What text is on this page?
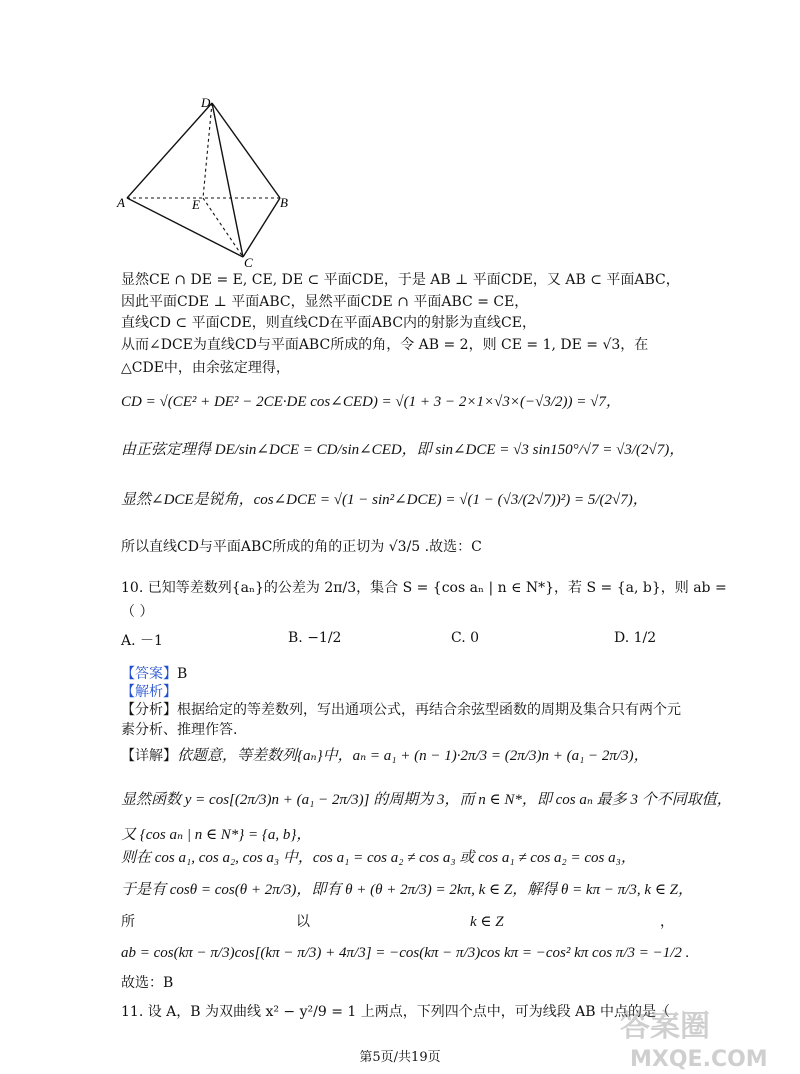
D
A	E	B
C
显然CE ∩ DE = E, CE, DE ⊂ 平面CDE，于是 AB ⊥ 平面CDE，又 AB ⊂ 平面ABC，
因此平面CDE ⊥ 平面ABC，显然平面CDE ∩ 平面ABC = CE，
直线CD ⊂ 平面CDE，则直线CD在平面ABC内的射影为直线CE，
从而∠DCE为直线CD与平面ABC所成的角，令 AB = 2，则 CE = 1, DE = √3，在
△CDE中，由余弦定理得，
CD = √(CE² + DE² − 2CE·DE cos∠CED) = √(1 + 3 − 2×1×√3×(−√3/2)) = √7，
由正弦定理得 DE/sin∠DCE = CD/sin∠CED，即 sin∠DCE = √3 sin150°/√7 = √3/(2√7)，
显然∠DCE是锐角，cos∠DCE = √(1 − sin²∠DCE) = √(1 − (√3/(2√7))²) = 5/(2√7)，
所以直线CD与平面ABC所成的角的正切为 √3/5 .故选：C
10. 已知等差数列{aₙ}的公差为 2π/3，集合 S = {cos aₙ | n ∈ N*}，若 S = {a, b}，则 ab =
（ ）
A. －1	B. −1/2	C. 0	D. 1/2
【答案】B
【解析】
【分析】根据给定的等差数列，写出通项公式，再结合余弦型函数的周期及集合只有两个元
素分析、推理作答.
【详解】依题意，等差数列{aₙ}中，aₙ = a₁ + (n − 1)·2π/3 = (2π/3)n + (a₁ − 2π/3)，
显然函数 y = cos[(2π/3)n + (a₁ − 2π/3)] 的周期为 3，而 n ∈ N*，即 cos aₙ 最多 3 个不同取值，
又 {cos aₙ | n ∈ N*} = {a, b}，
则在 cos a₁, cos a₂, cos a₃ 中，cos a₁ = cos a₂ ≠ cos a₃ 或 cos a₁ ≠ cos a₂ = cos a₃，
于是有 cosθ = cos(θ + 2π/3)，即有 θ + (θ + 2π/3) = 2kπ, k ∈ Z，解得 θ = kπ − π/3, k ∈ Z，
所	以	k ∈ Z	，
ab = cos(kπ − π/3)cos[(kπ − π/3) + 4π/3] = −cos(kπ − π/3)cos kπ = −cos² kπ cos π/3 = −1/2 .
故选：B
11. 设 A，B 为双曲线 x² − y²/9 = 1 上两点，下列四个点中，可为线段 AB 中点的是（
答案圈
MXQE.COM
第5页/共19页
